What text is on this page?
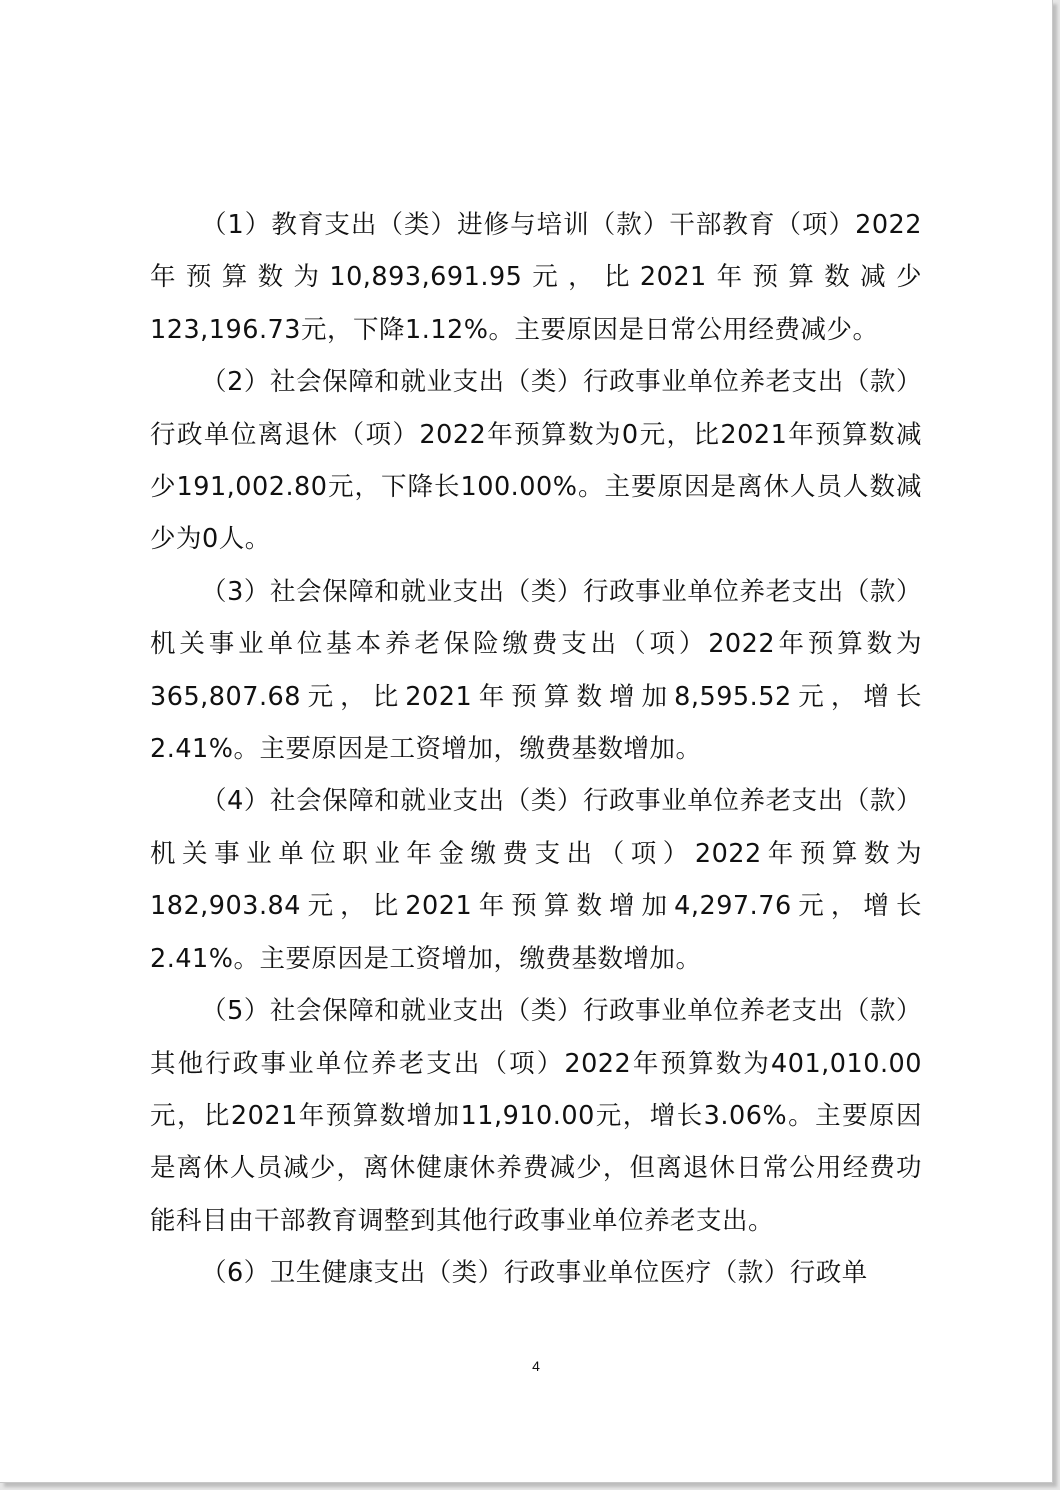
（1）教育支出（类）进修与培训（款）干部教育（项）2022年预算数为10,893,691.95元，比2021年预算数减少123,196.73元，下降1.12%。主要原因是日常公用经费减少。

（2）社会保障和就业支出（类）行政事业单位养老支出（款）行政单位离退休（项）2022年预算数为0元，比2021年预算数减少191,002.80元，下降长100.00%。主要原因是离休人员人数减少为0人。

（3）社会保障和就业支出（类）行政事业单位养老支出（款）机关事业单位基本养老保险缴费支出（项）2022年预算数为365,807.68元，比2021年预算数增加8,595.52元，增长2.41%。主要原因是工资增加，缴费基数增加。

（4）社会保障和就业支出（类）行政事业单位养老支出（款）机关事业单位职业年金缴费支出（项）2022年预算数为182,903.84元，比2021年预算数增加4,297.76元，增长2.41%。主要原因是工资增加，缴费基数增加。

（5）社会保障和就业支出（类）行政事业单位养老支出（款）其他行政事业单位养老支出（项）2022年预算数为401,010.00元，比2021年预算数增加11,910.00元，增长3.06%。主要原因是离休人员减少，离休健康休养费减少，但离退休日常公用经费功能科目由干部教育调整到其他行政事业单位养老支出。

（6）卫生健康支出（类）行政事业单位医疗（款）行政单

4
